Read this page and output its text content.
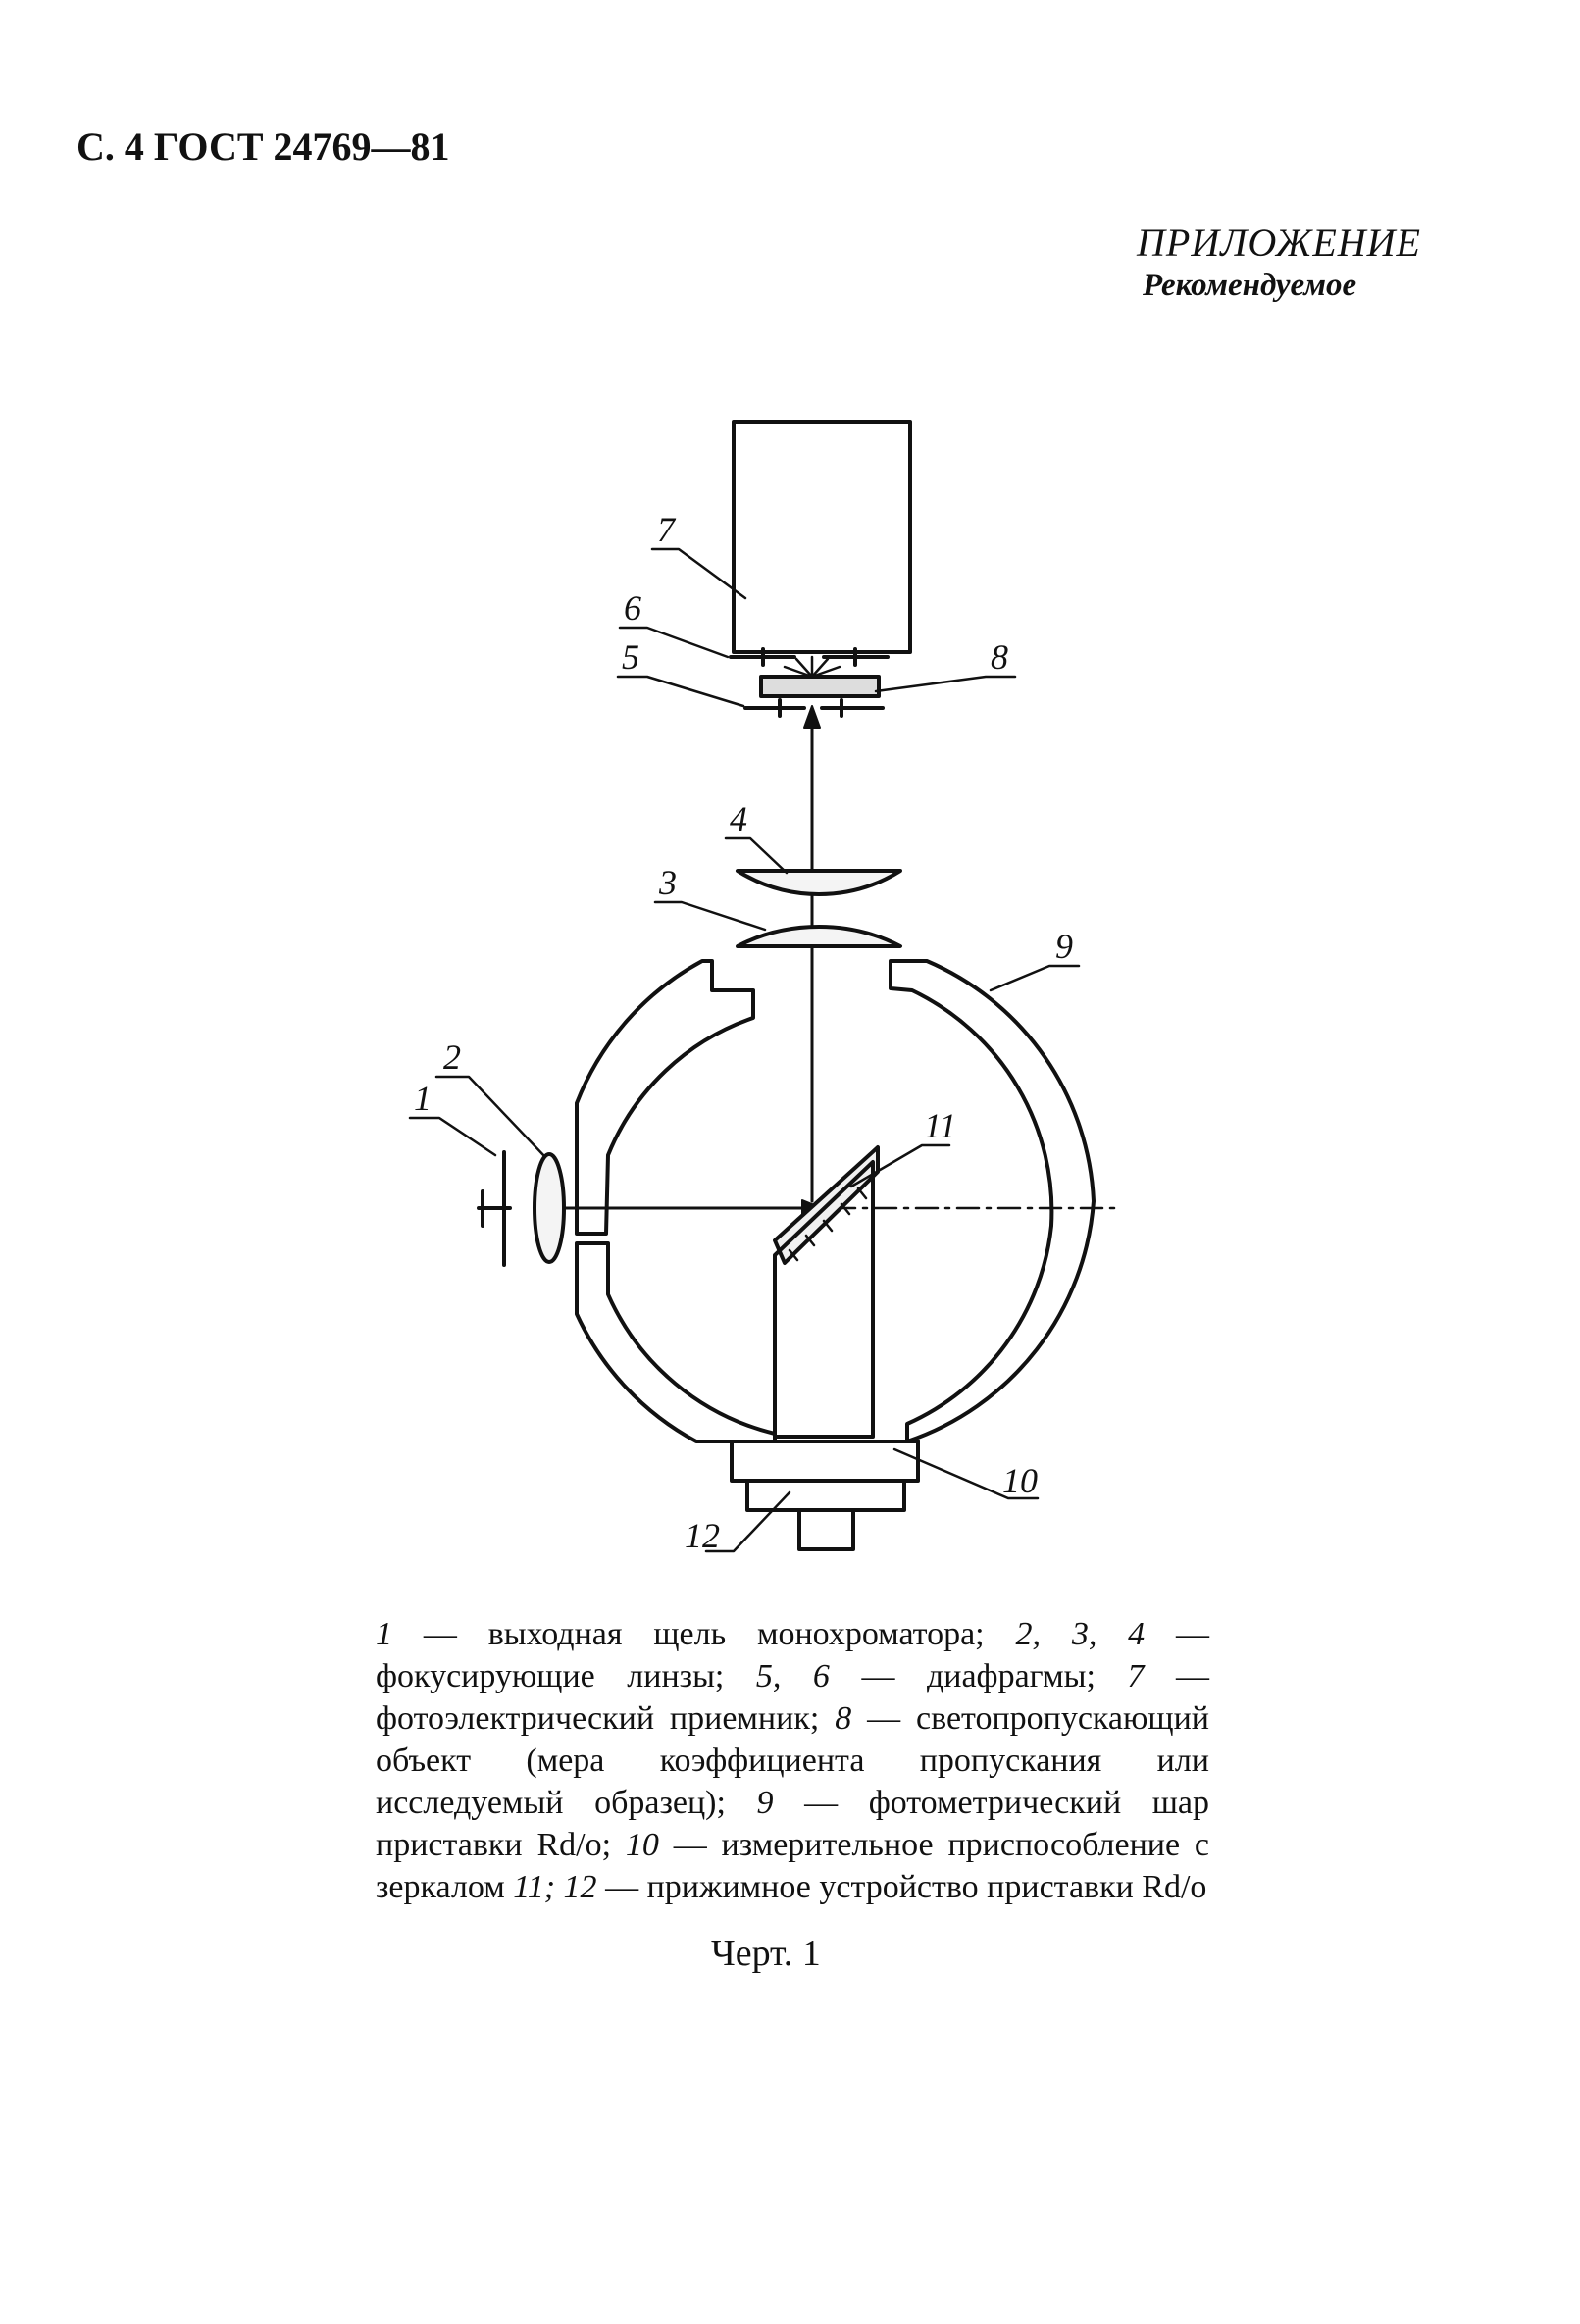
С. 4 ГОСТ 24769—81
ПРИЛОЖЕНИЕ
Рекомендуемое
7
6
5	8
4
3
9
2
1
11
10
12
1 — выходная щель монохроматора; 2, 3, 4 — фокусирующие линзы; 5, 6 — диафрагмы; 7 — фотоэлектрический приемник; 8 — светопропускающий объект (мера коэффициента пропускания или исследуемый образец); 9 — фотометрический шар приставки Rd/o; 10 — измерительное приспособление с зеркалом 11; 12 — прижимное устройство приставки Rd/o
Черт. 1
